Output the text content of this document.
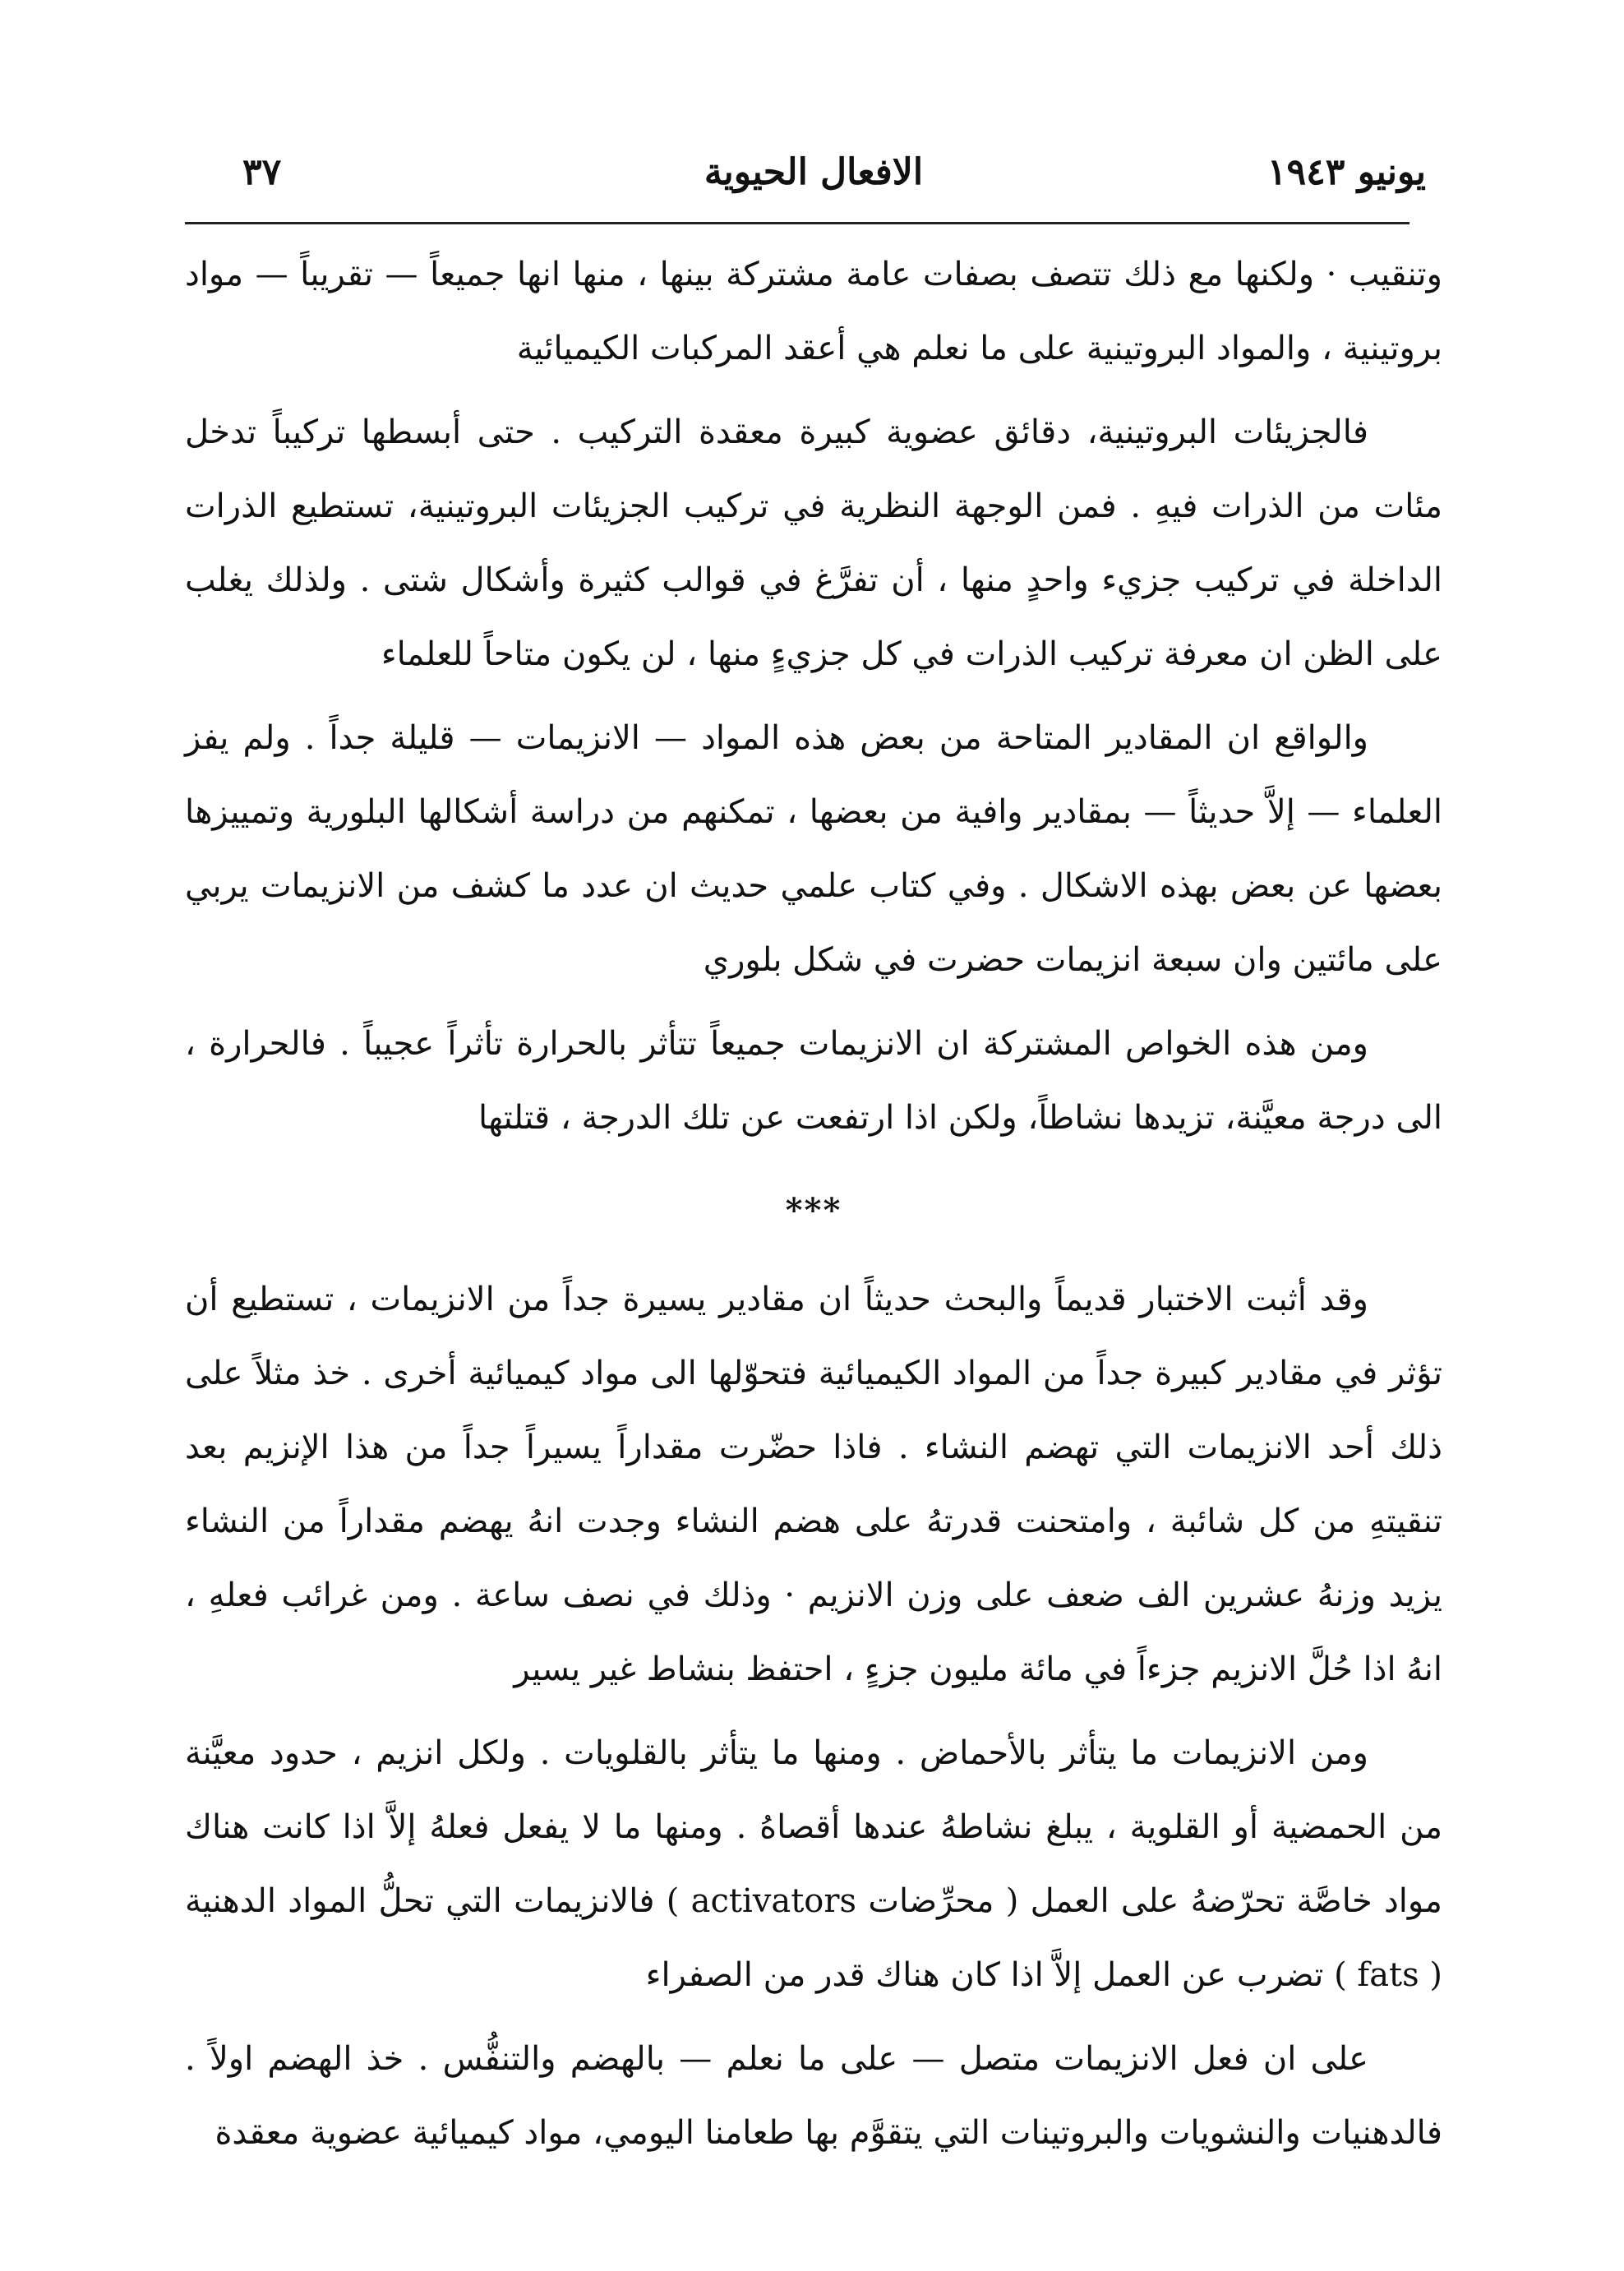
يونيو ١٩٤٣
الافعال الحيوية
٣٧

وتنقيب · ولكنها مع ذلك تتصف بصفات عامة مشتركة بينها ، منها انها جميعاً — تقريباً — مواد بروتينية ، والمواد البروتينية على ما نعلم هي أعقد المركبات الكيميائية

فالجزيئات البروتينية، دقائق عضوية كبيرة معقدة التركيب . حتى أبسطها تركيباً تدخل مئات من الذرات فيهِ . فمن الوجهة النظرية في تركيب الجزيئات البروتينية، تستطيع الذرات الداخلة في تركيب جزيء واحدٍ منها ، أن تفرَّغ في قوالب كثيرة وأشكال شتى . ولذلك يغلب على الظن ان معرفة تركيب الذرات في كل جزيءٍ منها ، لن يكون متاحاً للعلماء

والواقع ان المقادير المتاحة من بعض هذه المواد — الانزيمات — قليلة جداً . ولم يفز العلماء — إلاَّ حديثاً — بمقادير وافية من بعضها ، تمكنهم من دراسة أشكالها البلورية وتمييزها بعضها عن بعض بهذه الاشكال . وفي كتاب علمي حديث ان عدد ما كشف من الانزيمات يربي على مائتين وان سبعة انزيمات حضرت في شكل بلوري

ومن هذه الخواص المشتركة ان الانزيمات جميعاً تتأثر بالحرارة تأثراً عجيباً . فالحرارة ، الى درجة معيَّنة، تزيدها نشاطاً، ولكن اذا ارتفعت عن تلك الدرجة ، قتلتها

***

وقد أثبت الاختبار قديماً والبحث حديثاً ان مقادير يسيرة جداً من الانزيمات ، تستطيع أن تؤثر في مقادير كبيرة جداً من المواد الكيميائية فتحوّلها الى مواد كيميائية أخرى . خذ مثلاً على ذلك أحد الانزيمات التي تهضم النشاء . فاذا حضّرت مقداراً يسيراً جداً من هذا الإنزيم بعد تنقيتهِ من كل شائبة ، وامتحنت قدرتهُ على هضم النشاء وجدت انهُ يهضم مقداراً من النشاء يزيد وزنهُ عشرين الف ضعف على وزن الانزيم · وذلك في نصف ساعة . ومن غرائب فعلهِ ، انهُ اذا حُلَّ الانزيم جزءاً في مائة مليون جزءٍ ، احتفظ بنشاط غير يسير

ومن الانزيمات ما يتأثر بالأحماض . ومنها ما يتأثر بالقلويات . ولكل انزيم ، حدود معيَّنة من الحمضية أو القلوية ، يبلغ نشاطهُ عندها أقصاهُ . ومنها ما لا يفعل فعلهُ إلاَّ اذا كانت هناك مواد خاصَّة تحرّضهُ على العمل ( محرِّضات activators ) فالانزيمات التي تحلُّ المواد الدهنية ( fats ) تضرب عن العمل إلاَّ اذا كان هناك قدر من الصفراء

على ان فعل الانزيمات متصل — على ما نعلم — بالهضم والتنفُّس . خذ الهضم اولاً . فالدهنيات والنشويات والبروتينات التي يتقوَّم بها طعامنا اليومي، مواد كيميائية عضوية معقدة
